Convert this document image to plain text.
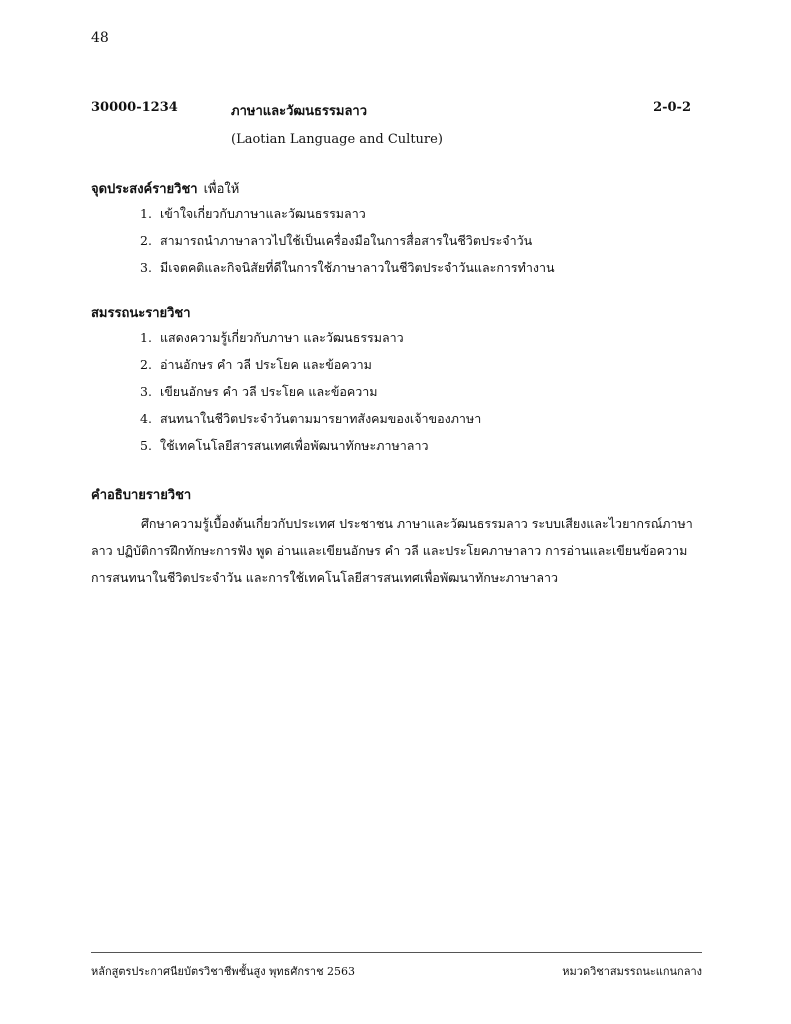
48
30000-1234	ภาษาและวัฒนธรรมลาว	2-0-2
(Laotian Language and Culture)
จุดประสงค์รายวิชา เพื่อให้
1. เข้าใจเกี่ยวกับภาษาและวัฒนธรรมลาว
2. สามารถนำภาษาลาวไปใช้เป็นเครื่องมือในการสื่อสารในชีวิตประจำวัน
3. มีเจตคติและกิจนิสัยที่ดีในการใช้ภาษาลาวในชีวิตประจำวันและการทำงาน
สมรรถนะรายวิชา
1. แสดงความรู้เกี่ยวกับภาษา และวัฒนธรรมลาว
2. อ่านอักษร คำ วลี ประโยค และข้อความ
3. เขียนอักษร คำ วลี ประโยค และข้อความ
4. สนทนาในชีวิตประจำวันตามมารยาทสังคมของเจ้าของภาษา
5. ใช้เทคโนโลยีสารสนเทศเพื่อพัฒนาทักษะภาษาลาว
คำอธิบายรายวิชา

ศึกษาความรู้เบื้องต้นเกี่ยวกับประเทศ ประชาชน ภาษาและวัฒนธรรมลาว ระบบเสียงและไวยากรณ์ภาษาลาว ปฏิบัติการฝึกทักษะการฟัง พูด อ่านและเขียนอักษร คำ วลี และประโยคภาษาลาว การอ่านและเขียนข้อความ การสนทนาในชีวิตประจำวัน และการใช้เทคโนโลยีสารสนเทศเพื่อพัฒนาทักษะภาษาลาว

หลักสูตรประกาศนียบัตรวิชาชีพชั้นสูง พุทธศักราช 2563	หมวดวิชาสมรรถนะแกนกลาง
